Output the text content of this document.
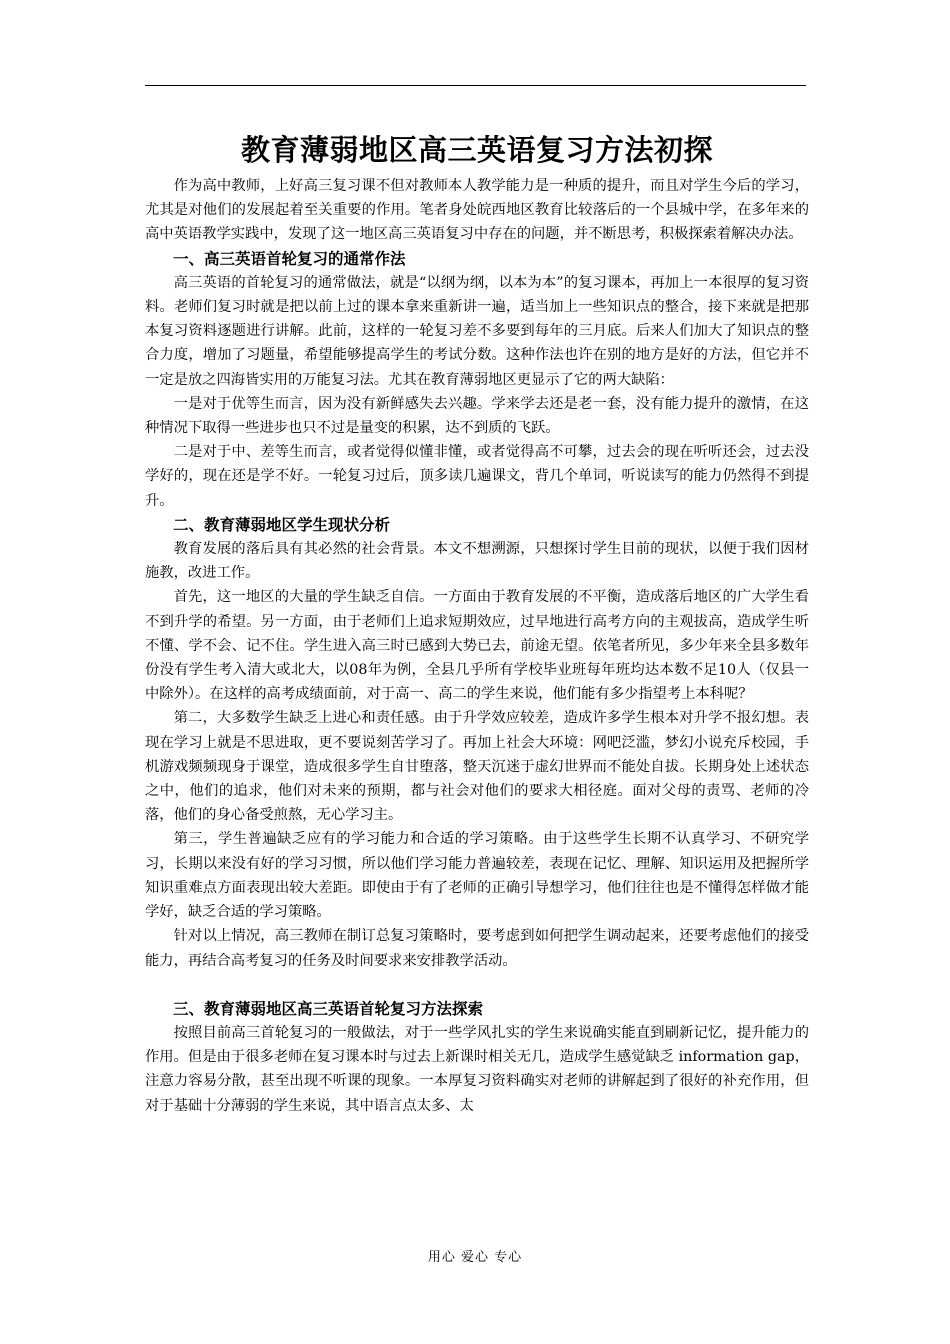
教育薄弱地区高三英语复习方法初探

作为高中教师，上好高三复习课不但对教师本人教学能力是一种质的提升，而且对学生今后的学习，尤其是对他们的发展起着至关重要的作用。笔者身处皖西地区教育比较落后的一个县城中学，在多年来的高中英语教学实践中，发现了这一地区高三英语复习中存在的问题，并不断思考，积极探索着解决办法。

一、高三英语首轮复习的通常作法

高三英语的首轮复习的通常做法，就是“以纲为纲，以本为本”的复习课本，再加上一本很厚的复习资料。老师们复习时就是把以前上过的课本拿来重新讲一遍，适当加上一些知识点的整合，接下来就是把那本复习资料逐题进行讲解。此前，这样的一轮复习差不多要到每年的三月底。后来人们加大了知识点的整合力度，增加了习题量，希望能够提高学生的考试分数。这种作法也许在别的地方是好的方法，但它并不一定是放之四海皆实用的万能复习法。尤其在教育薄弱地区更显示了它的两大缺陷：

一是对于优等生而言，因为没有新鲜感失去兴趣。学来学去还是老一套，没有能力提升的激情，在这种情况下取得一些进步也只不过是量变的积累，达不到质的飞跃。

二是对于中、差等生而言，或者觉得似懂非懂，或者觉得高不可攀，过去会的现在听听还会，过去没学好的，现在还是学不好。一轮复习过后，顶多读几遍课文，背几个单词，听说读写的能力仍然得不到提升。

二、教育薄弱地区学生现状分析

教育发展的落后具有其必然的社会背景。本文不想溯源，只想探讨学生目前的现状，以便于我们因材施教，改进工作。

首先，这一地区的大量的学生缺乏自信。一方面由于教育发展的不平衡，造成落后地区的广大学生看不到升学的希望。另一方面，由于老师们上追求短期效应，过早地进行高考方向的主观拔高，造成学生听不懂、学不会、记不住。学生进入高三时已感到大势已去，前途无望。依笔者所见，多少年来全县多数年份没有学生考入清大或北大，以08年为例，全县几乎所有学校毕业班每年班均达本数不足10人（仅县一中除外）。在这样的高考成绩面前，对于高一、高二的学生来说，他们能有多少指望考上本科呢？

第二，大多数学生缺乏上进心和责任感。由于升学效应较差，造成许多学生根本对升学不报幻想。表现在学习上就是不思进取，更不要说刻苦学习了。再加上社会大环境：网吧泛滥，梦幻小说充斥校园，手机游戏频频现身于课堂，造成很多学生自甘堕落，整天沉迷于虚幻世界而不能处自拔。长期身处上述状态之中，他们的追求，他们对未来的预期，都与社会对他们的要求大相径庭。面对父母的责骂、老师的冷落，他们的身心备受煎熬，无心学习主。

第三，学生普遍缺乏应有的学习能力和合适的学习策略。由于这些学生长期不认真学习、不研究学习，长期以来没有好的学习习惯，所以他们学习能力普遍较差，表现在记忆、理解、知识运用及把握所学知识重难点方面表现出较大差距。即使由于有了老师的正确引导想学习，他们往往也是不懂得怎样做才能学好，缺乏合适的学习策略。

针对以上情况，高三教师在制订总复习策略时，要考虑到如何把学生调动起来，还要考虑他们的接受能力，再结合高考复习的任务及时间要求来安排教学活动。

三、教育薄弱地区高三英语首轮复习方法探索

按照目前高三首轮复习的一般做法，对于一些学风扎实的学生来说确实能直到刷新记忆，提升能力的作用。但是由于很多老师在复习课本时与过去上新课时相关无几，造成学生感觉缺乏 information gap，注意力容易分散，甚至出现不听课的现象。一本厚复习资料确实对老师的讲解起到了很好的补充作用，但对于基础十分薄弱的学生来说，其中语言点太多、太

用心 爱心 专心
